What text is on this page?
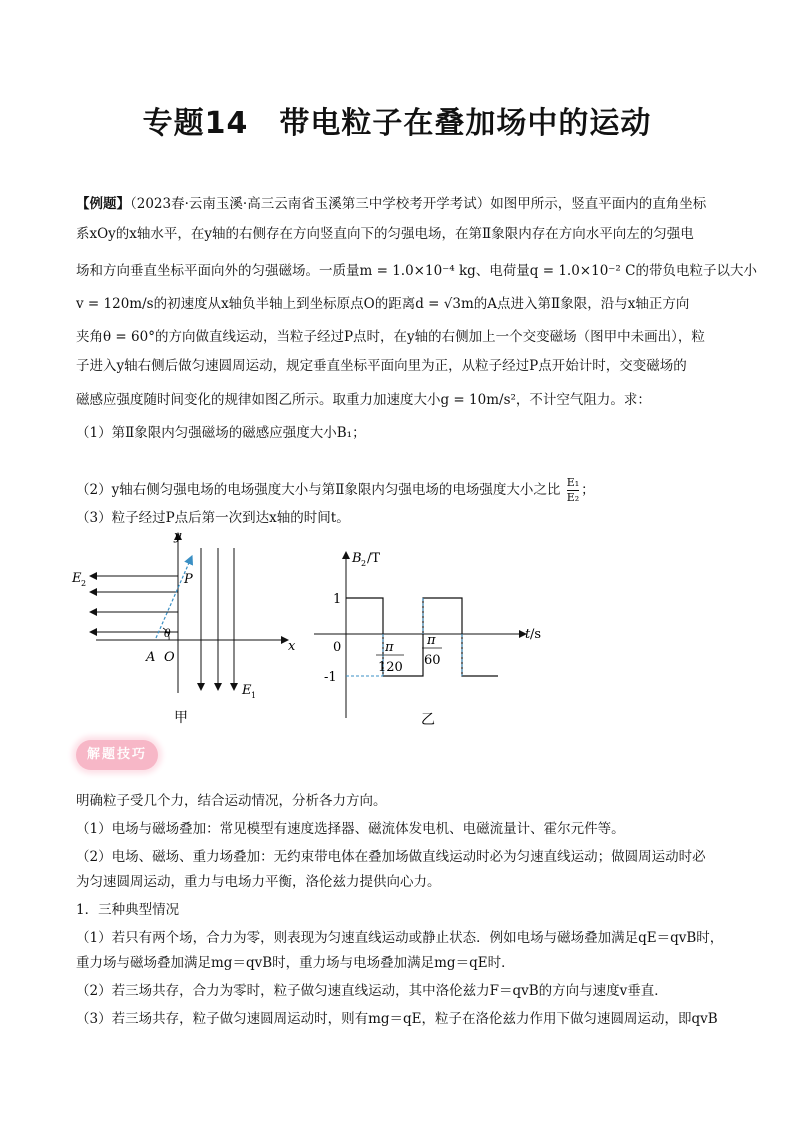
专题14　带电粒子在叠加场中的运动
【例题】（2023春·云南玉溪·高三云南省玉溪第三中学校考开学考试）如图甲所示，竖直平面内的直角坐标
系xOy的x轴水平，在y轴的右侧存在方向竖直向下的匀强电场，在第Ⅱ象限内存在方向水平向左的匀强电
场和方向垂直坐标平面向外的匀强磁场。一质量m = 1.0×10⁻⁴ kg、电荷量q = 1.0×10⁻² C的带负电粒子以大小
v = 120m/s的初速度从x轴负半轴上到坐标原点O的距离d = √3m的A点进入第Ⅱ象限，沿与x轴正方向
夹角θ = 60°的方向做直线运动，当粒子经过P点时，在y轴的右侧加上一个交变磁场（图甲中未画出），粒
子进入y轴右侧后做匀速圆周运动，规定垂直坐标平面向里为正，从粒子经过P点开始计时，交变磁场的
磁感应强度随时间变化的规律如图乙所示。取重力加速度大小g = 10m/s²，不计空气阻力。求：
（1）第Ⅱ象限内匀强磁场的磁感应强度大小B₁；
（2）y轴右侧匀强电场的电场强度大小与第Ⅱ象限内匀强电场的电场强度大小之比 $\frac{\text{E₁}}{\text{E₂}}$ ；
（3）粒子经过P点后第一次到达x轴的时间t。
y
x
P
θ
A O
E 2
E 1
甲
B 2 /T
t /s
1
0
-1
π
120
π
60
乙
解题技巧
明确粒子受几个力，结合运动情况，分析各力方向。
（1）电场与磁场叠加：常见模型有速度选择器、磁流体发电机、电磁流量计、霍尔元件等。
（2）电场、磁场、重力场叠加：无约束带电体在叠加场做直线运动时必为匀速直线运动；做圆周运动时必
为匀速圆周运动，重力与电场力平衡，洛伦兹力提供向心力。
1．三种典型情况
（1）若只有两个场，合力为零，则表现为匀速直线运动或静止状态．例如电场与磁场叠加满足qE＝qvB时，
重力场与磁场叠加满足mg＝qvB时，重力场与电场叠加满足mg＝qE时．
（2）若三场共存，合力为零时，粒子做匀速直线运动，其中洛伦兹力F＝qvB的方向与速度v垂直．
（3）若三场共存，粒子做匀速圆周运动时，则有mg＝qE，粒子在洛伦兹力作用下做匀速圆周运动，即qvB
